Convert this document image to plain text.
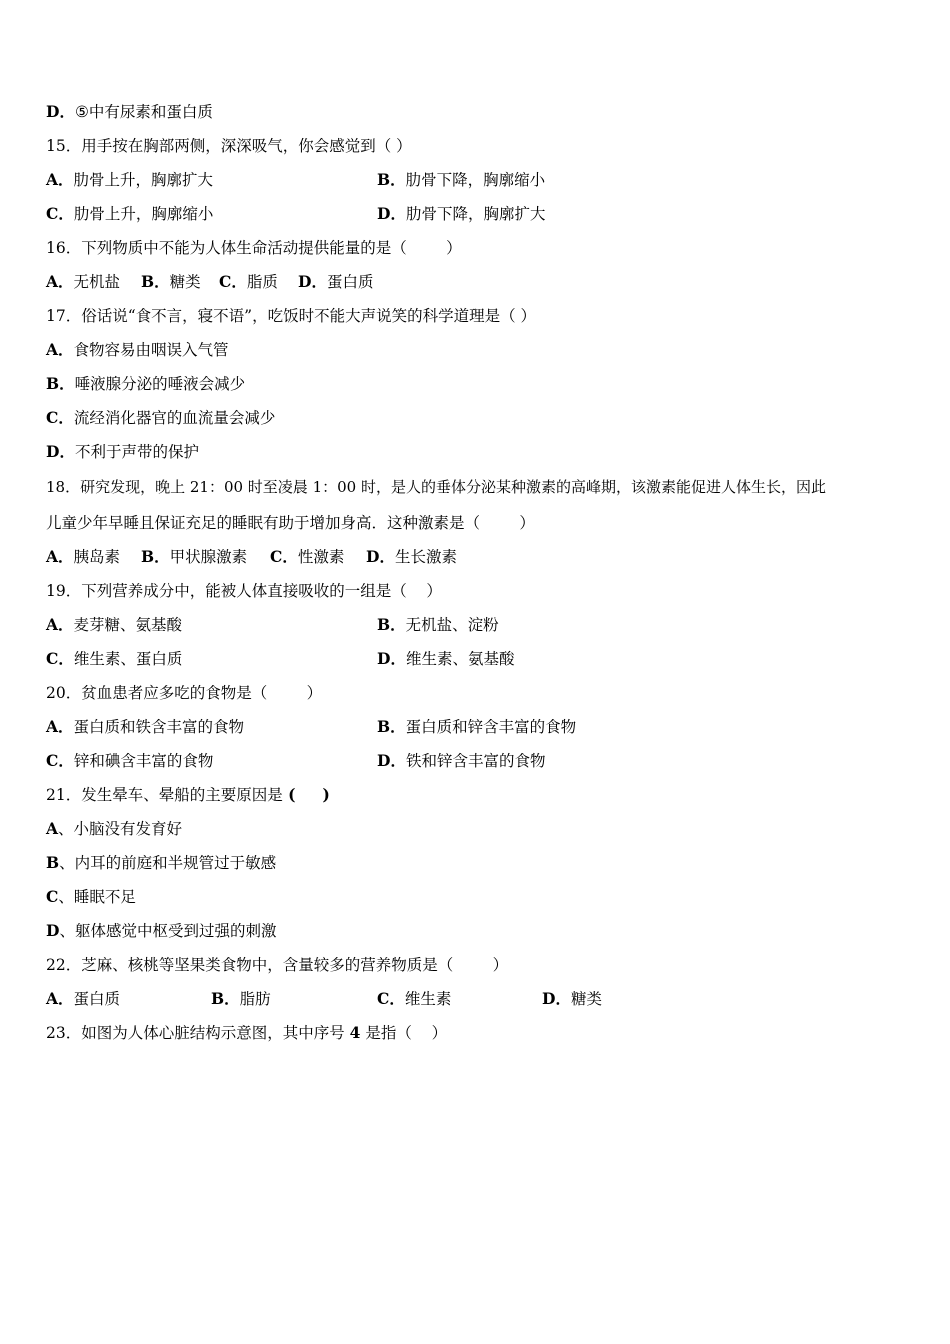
D．⑤中有尿素和蛋白质
15．用手按在胸部两侧，深深吸气，你会感觉到（ ）
A．肋骨上升，胸廓扩大	B．肋骨下降，胸廓缩小
C．肋骨上升，胸廓缩小	D．肋骨下降，胸廓扩大
16．下列物质中不能为人体生命活动提供能量的是（        ）
A．无机盐 B．糖类 C．脂质 D．蛋白质
17．俗话说“食不言，寝不语”，吃饭时不能大声说笑的科学道理是（ ）
A．食物容易由咽误入气管
B．唾液腺分泌的唾液会减少
C．流经消化器官的血流量会减少
D．不利于声带的保护
18．研究发现，晚上 21：00 时至凌晨 1：00 时，是人的垂体分泌某种激素的高峰期，该激素能促进人体生长，因此
儿童少年早睡且保证充足的睡眠有助于增加身高．这种激素是（        ）
A．胰岛素 B．甲状腺激素 C．性激素 D．生长激素
19．下列营养成分中，能被人体直接吸收的一组是（    ）
A．麦芽糖、氨基酸	B．无机盐、淀粉
C．维生素、蛋白质	D．维生素、氨基酸
20．贫血患者应多吃的食物是（        ）
A．蛋白质和铁含丰富的食物	B．蛋白质和锌含丰富的食物
C．锌和碘含丰富的食物	D．铁和锌含丰富的食物
21．发生晕车、晕船的主要原因是 (     )
A、小脑没有发育好
B、内耳的前庭和半规管过于敏感
C、睡眠不足
D、躯体感觉中枢受到过强的刺激
22．芝麻、核桃等坚果类食物中，含量较多的营养物质是（        ）
A．蛋白质	B．脂肪	C．维生素	D．糖类
23．如图为人体心脏结构示意图，其中序号 4 是指（    ）
